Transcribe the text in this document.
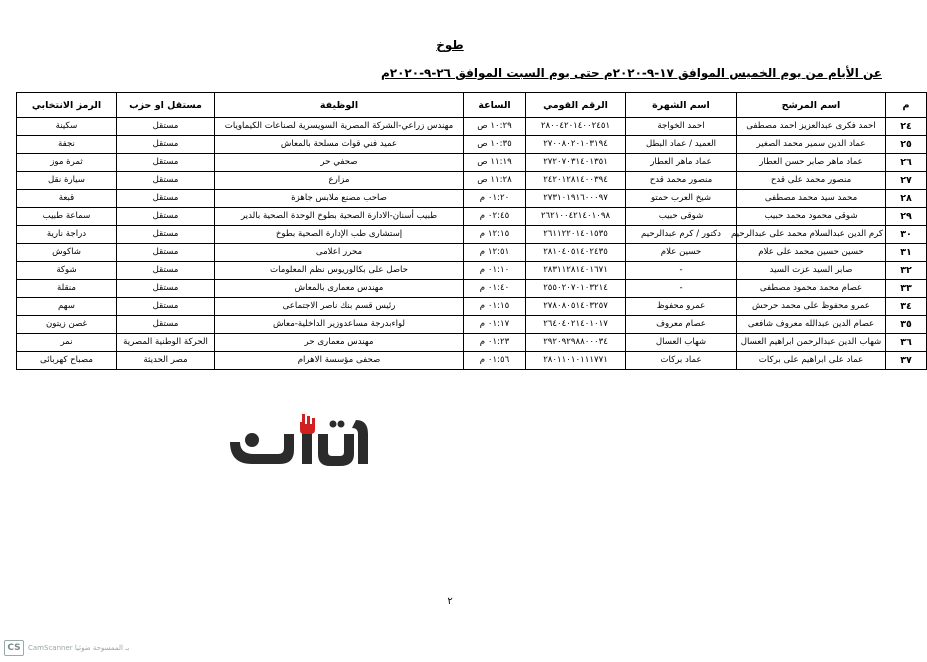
طوخ
عن الأيام من يوم الخميس الموافق ١٧-٩-٢٠٢٠م حتى يوم السبت الموافق ٢٦-٩-٢٠٢٠م
م	اسم المرشح	اسم الشهرة	الرقم القومي	الساعة	الوظيفة	مستقل او حزب	الرمز الانتخابي
٢٤	احمد فكرى عبدالعزيز احمد مصطفى	احمد الخواجة	٢٨٠٠٤٢٠١٤٠٠٢٤٥١	١٠:٢٩ ص	مهندس زراعي-الشركة المصرية السويسرية لصناعات الكيماويات	مستقل	سكينة
٢٥	عماد الدين سمير محمد الصغير	العميد / عماد البطل	٢٧٠٠٨٠٢٠١٠٣١٩٤	١٠:٣٥ ص	عميد فني قوات مسلحة بالمعاش	مستقل	نجفة
٢٦	عماد ماهر صابر حسن العطار	عماد ماهر العطار	٢٧٢٠٧٠٣١٤٠١٣٥١	١١:١٩ ص	صحفي حر	مستقل	ثمرة موز
٢٧	منصور محمد على قدح	منصور محمد قدح	٢٤٢٠١٢٨١٤٠٠٣٩٤	١١:٢٨ ص	مزارع	مستقل	سيارة نقل
٢٨	محمد سيد محمد مصطفى	شيخ العرب حمتو	٢٧٣١٠١٩١٦٠٠٠٩٧	٠١:٢٠ م	صاحب مصنع ملابس جاهزة	مستقل	قبعة
٢٩	شوقى محمود محمد حبيب	شوقى حبيب	٢٦٢١٠٠٤٢١٤٠١٠٩٨	٠٢:٤٥ م	طبيب أسنان-الادارة الصحية بطوخ الوحدة الصحية بالدير	مستقل	سماعة طبيب
٣٠	كرم الدين عبدالسلام محمد على عبدالرحيم	دكتور / كرم عبدالرحيم	٢٦١١٢٢٠١٤٠١٥٣٥	١٢:١٥ م	إستشارى طب الإدارة الصحية بطوخ	مستقل	دراجة نارية
٣١	حسين حسين محمد على علام	حسين علام	٢٨١٠٤٠٥١٤٠٢٤٣٥	١٢:٥١ م	محرر اعلامى	مستقل	شاكوش
٣٢	صابر السيد عزت السيد	-	٢٨٣١١٢٨١٤٠١٦٧١	٠١:١٠ م	حاصل على بكالوريوس نظم المعلومات	مستقل	شوكة
٣٣	عصام محمد محمود مصطفى	-	٢٥٥٠٢٠٧٠١٠٣٢١٤	٠١:٤٠ م	مهندس معمارى بالمعاش	مستقل	منقلة
٣٤	عمرو محفوظ على محمد حرحش	عمرو محفوظ	٢٧٨٠٨٠٥١٤٠٣٢٥٧	٠١:١٥ م	رئيس قسم بنك ناصر الاجتماعى	مستقل	سهم
٣٥	عصام الدين عبدالله معروف شافعى	عصام معروف	٢٦٤٠٤٠٢١٤٠١٠١٧	٠١:١٧ م	لواءبدرجة مساعدوزير الداخلية-معاش	مستقل	غصن زيتون
٣٦	شهاب الدين عبدالرحمن ابراهيم العسال	شهاب العسال	٢٩٢٠٩٢٩٨٨٠٠٠٣٤	٠١:٢٣ م	مهندس معمارى حر	الحركة الوطنية المصرية	نمر
٣٧	عماد على ابراهيم على بركات	عماد بركات	٢٨٠١١٠١٠١١١٧٧١	٠١:٥٦ م	صحفى مؤسسة الاهرام	مصر الحديثة	مصباح كهربائى
٢
CS	CamScanner بـ الممسوحة ضوئيا
